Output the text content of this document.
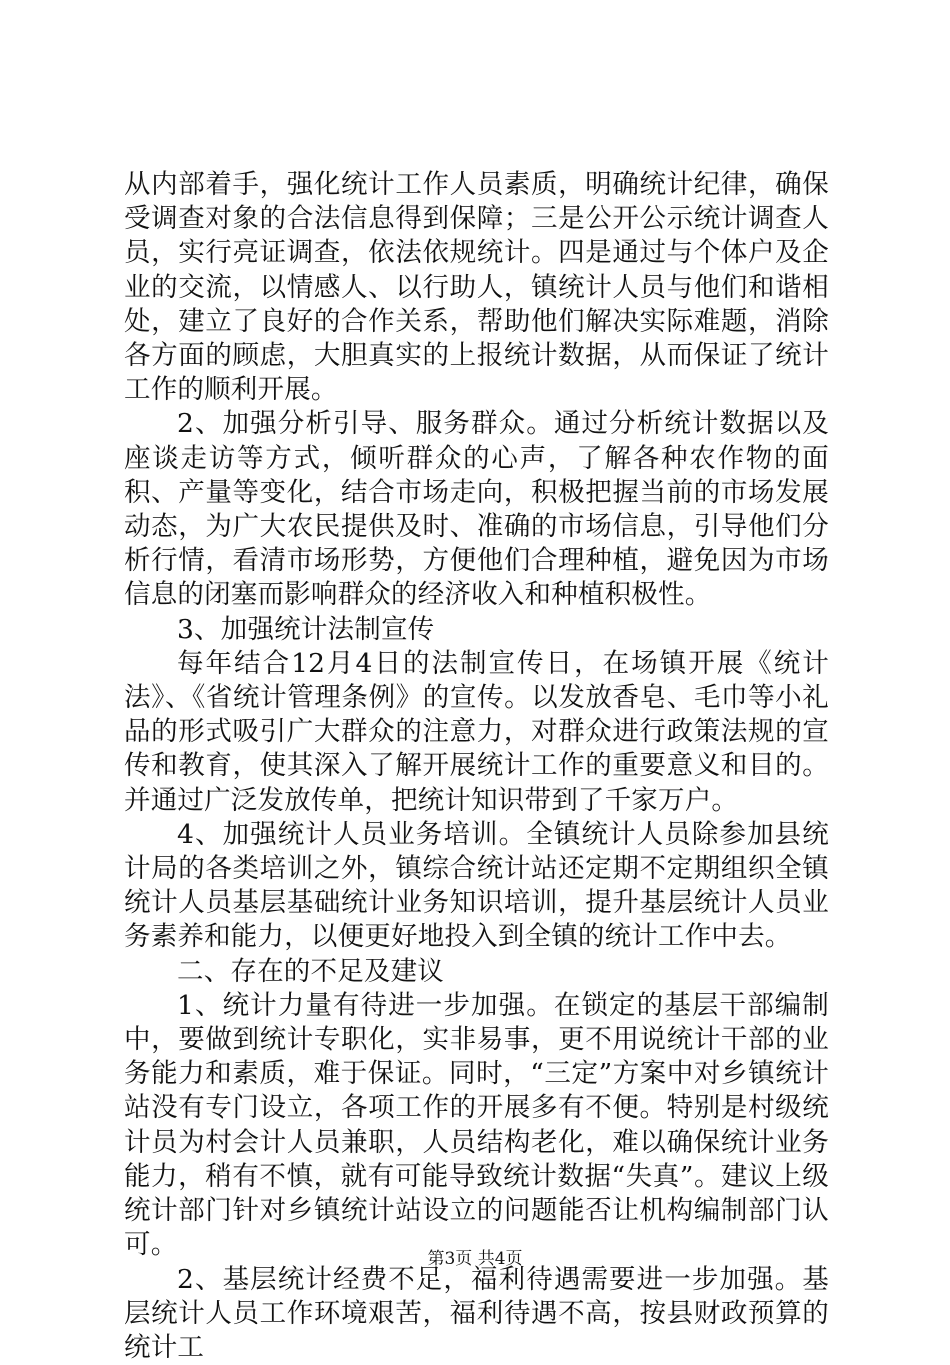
从内部着手，强化统计工作人员素质，明确统计纪律，确保受调查对象的合法信息得到保障；三是公开公示统计调查人员，实行亮证调查，依法依规统计。四是通过与个体户及企业的交流，以情感人、以行助人，镇统计人员与他们和谐相处，建立了良好的合作关系，帮助他们解决实际难题，消除各方面的顾虑，大胆真实的上报统计数据，从而保证了统计工作的顺利开展。

2、加强分析引导、服务群众。通过分析统计数据以及座谈走访等方式，倾听群众的心声，了解各种农作物的面积、产量等变化，结合市场走向，积极把握当前的市场发展动态，为广大农民提供及时、准确的市场信息，引导他们分析行情，看清市场形势，方便他们合理种植，避免因为市场信息的闭塞而影响群众的经济收入和种植积极性。

3、加强统计法制宣传

每年结合12月4日的法制宣传日，在场镇开展《统计法》、《省统计管理条例》的宣传。以发放香皂、毛巾等小礼品的形式吸引广大群众的注意力，对群众进行政策法规的宣传和教育，使其深入了解开展统计工作的重要意义和目的。并通过广泛发放传单，把统计知识带到了千家万户。

4、加强统计人员业务培训。全镇统计人员除参加县统计局的各类培训之外，镇综合统计站还定期不定期组织全镇统计人员基层基础统计业务知识培训，提升基层统计人员业务素养和能力，以便更好地投入到全镇的统计工作中去。

二、存在的不足及建议

1、统计力量有待进一步加强。在锁定的基层干部编制中，要做到统计专职化，实非易事，更不用说统计干部的业务能力和素质，难于保证。同时，“三定”方案中对乡镇统计站没有专门设立，各项工作的开展多有不便。特别是村级统计员为村会计人员兼职，人员结构老化，难以确保统计业务能力，稍有不慎，就有可能导致统计数据“失真”。建议上级统计部门针对乡镇统计站设立的问题能否让机构编制部门认可。

2、基层统计经费不足，福利待遇需要进一步加强。基层统计人员工作环境艰苦，福利待遇不高，按县财政预算的统计工

第3页 共4页
